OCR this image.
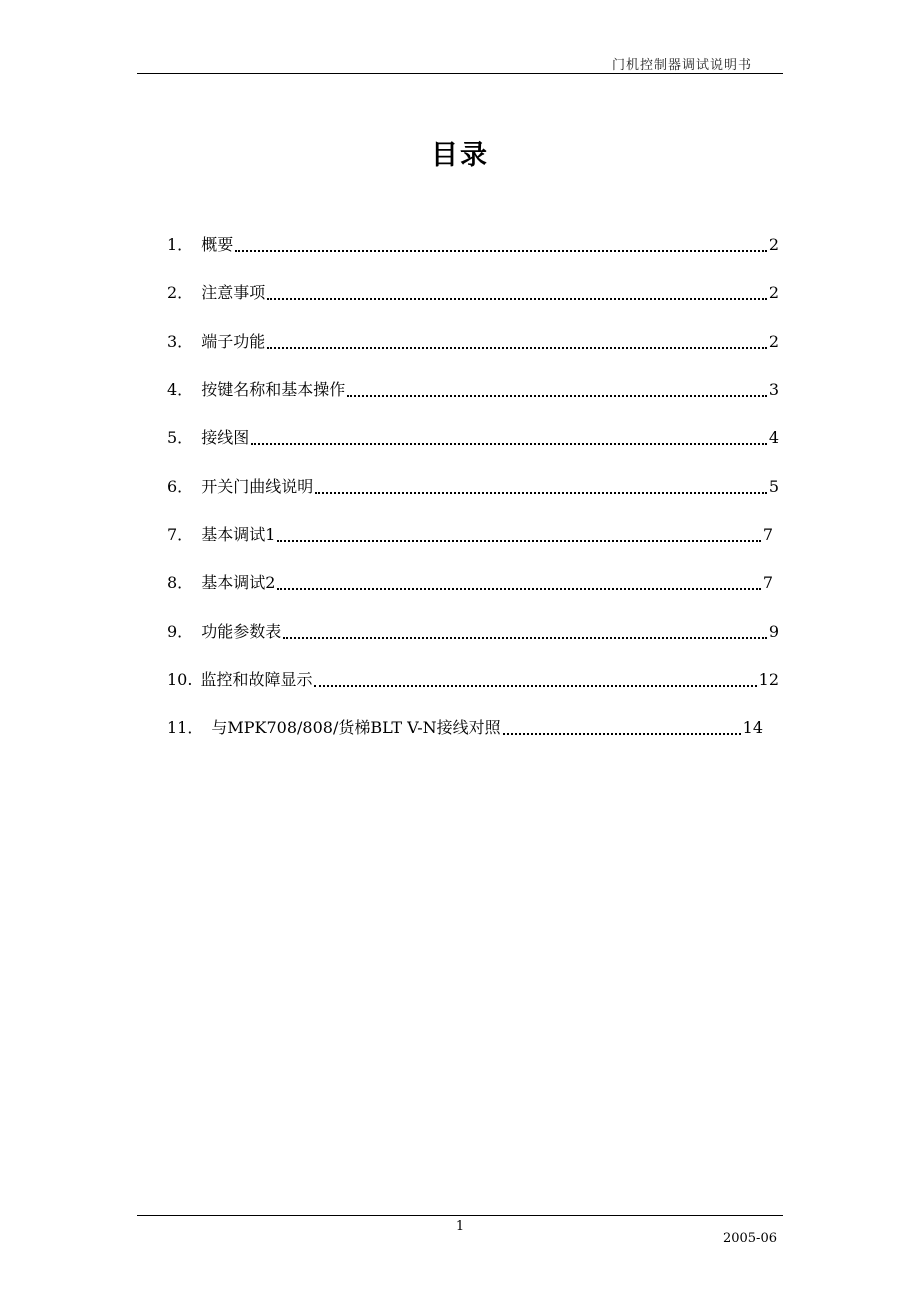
门机控制器调试说明书
目录
1． 概要	2
2． 注意事项	2
3． 端子功能	2
4． 按键名称和基本操作	3
5． 接线图	4
6． 开关门曲线说明	5
7． 基本调试1	7
8． 基本调试2	7
9． 功能参数表	9
10. 监控和故障显示	12
11． 与MPK708/808/货梯BLT V-N接线对照	14
1
2005-06
